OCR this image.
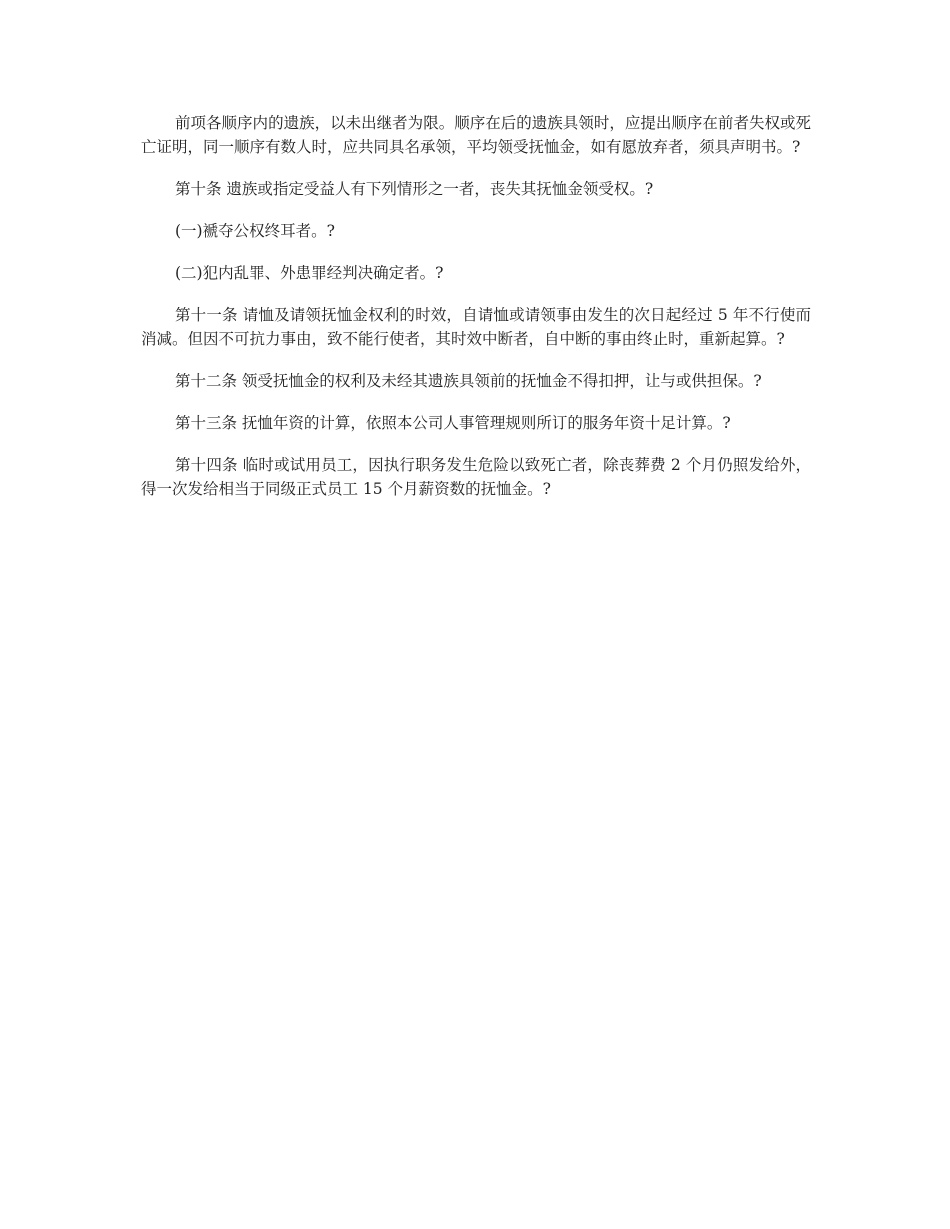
前项各顺序内的遗族，以未出继者为限。顺序在后的遗族具领时，应提出顺序在前者失权或死亡证明，同一顺序有数人时，应共同具名承领，平均领受抚恤金，如有愿放弃者，须具声明书。?

第十条 遗族或指定受益人有下列情形之一者，丧失其抚恤金领受权。?

(一)褫夺公权终耳者。?

(二)犯内乱罪、外患罪经判决确定者。?

第十一条 请恤及请领抚恤金权利的时效，自请恤或请领事由发生的次日起经过 5 年不行使而消减。但因不可抗力事由，致不能行使者，其时效中断者，自中断的事由终止时，重新起算。?

第十二条 领受抚恤金的权利及未经其遗族具领前的抚恤金不得扣押，让与或供担保。?

第十三条 抚恤年资的计算，依照本公司人事管理规则所订的服务年资十足计算。?

第十四条 临时或试用员工，因执行职务发生危险以致死亡者，除丧葬费 2 个月仍照发给外，得一次发给相当于同级正式员工 15 个月薪资数的抚恤金。?
